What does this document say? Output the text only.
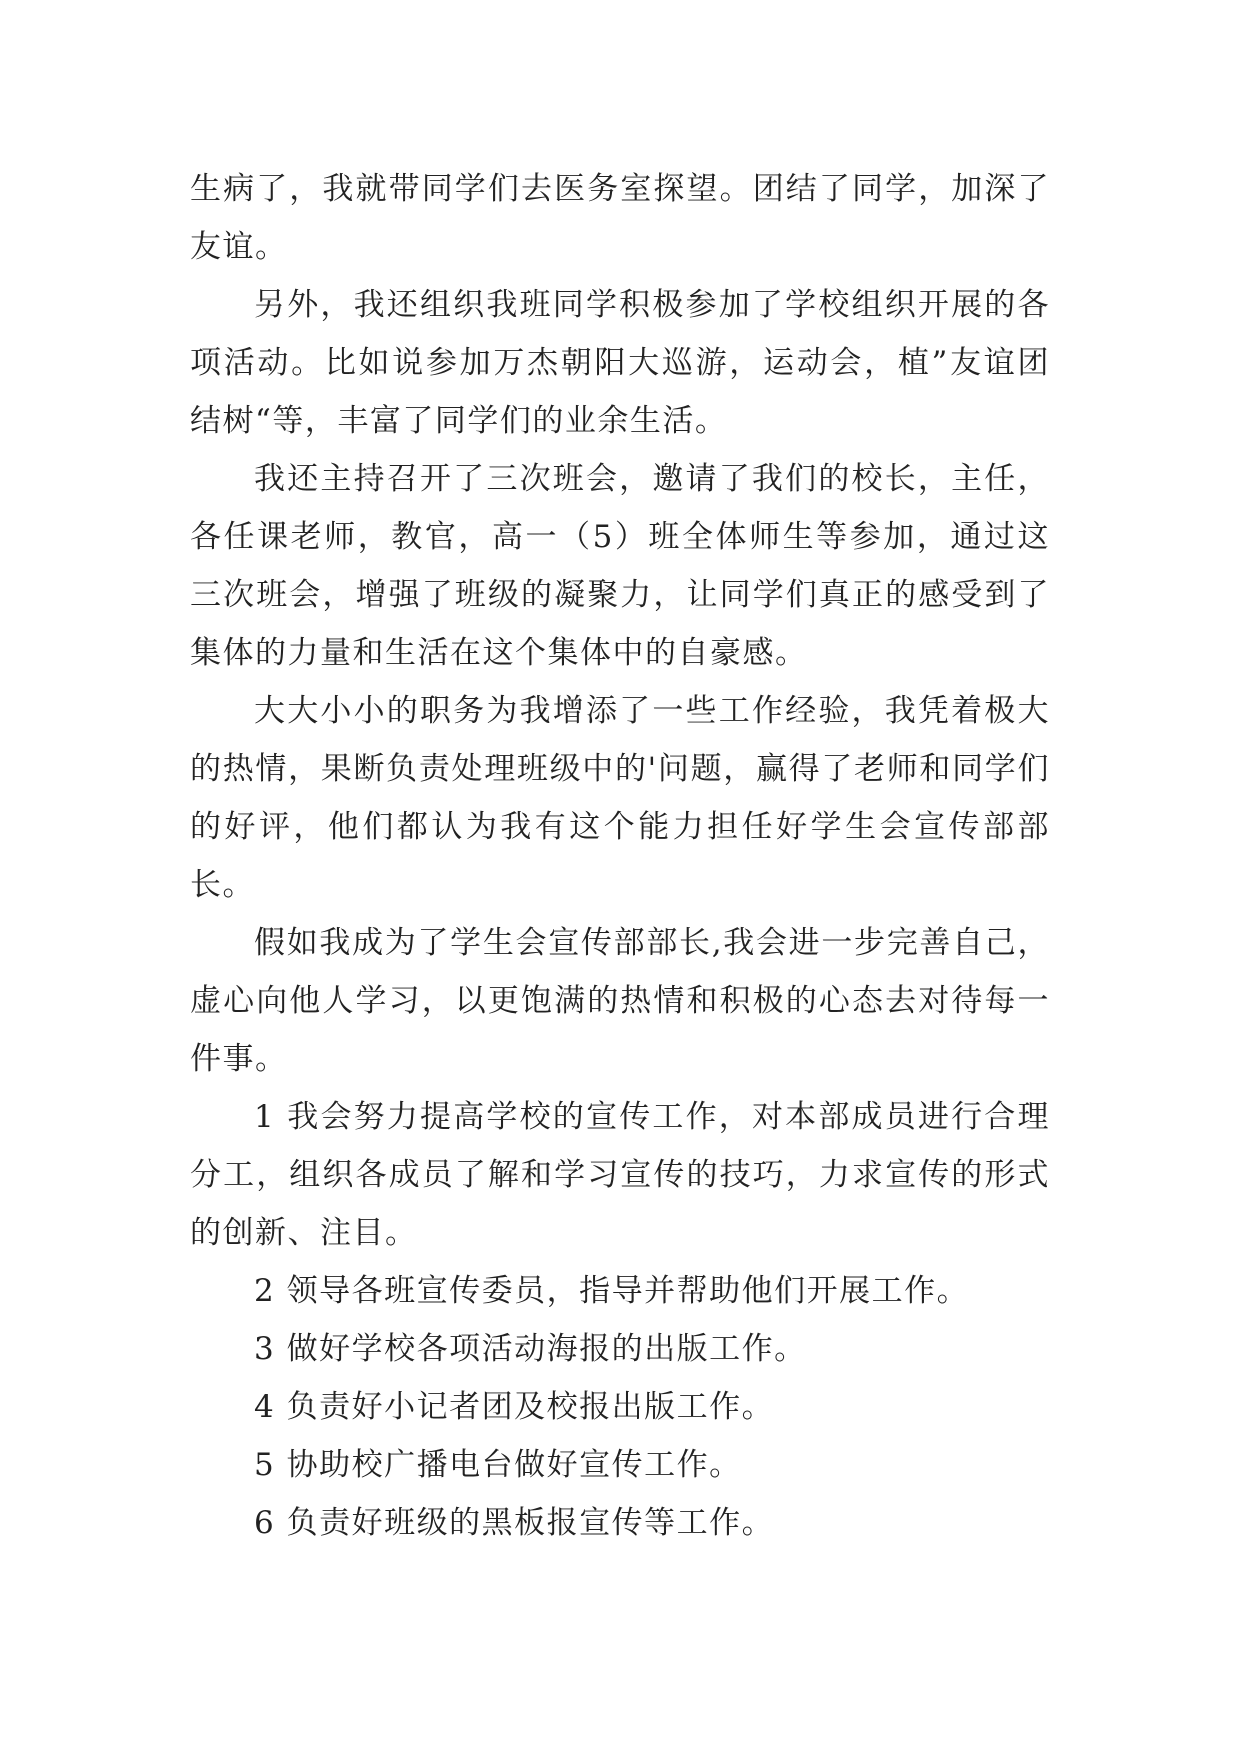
生病了，我就带同学们去医务室探望。团结了同学，加深了友谊。

另外，我还组织我班同学积极参加了学校组织开展的各项活动。比如说参加万杰朝阳大巡游，运动会，植”友谊团结树“等，丰富了同学们的业余生活。

我还主持召开了三次班会，邀请了我们的校长，主任，各任课老师，教官，高一（5）班全体师生等参加，通过这三次班会，增强了班级的凝聚力，让同学们真正的感受到了集体的力量和生活在这个集体中的自豪感。

大大小小的职务为我增添了一些工作经验，我凭着极大的热情，果断负责处理班级中的'问题，赢得了老师和同学们的好评，他们都认为我有这个能力担任好学生会宣传部部长。

假如我成为了学生会宣传部部长,我会进一步完善自己，虚心向他人学习，以更饱满的热情和积极的心态去对待每一件事。

1 我会努力提高学校的宣传工作，对本部成员进行合理分工，组织各成员了解和学习宣传的技巧，力求宣传的形式的创新、注目。

2 领导各班宣传委员，指导并帮助他们开展工作。

3 做好学校各项活动海报的出版工作。

4 负责好小记者团及校报出版工作。

5 协助校广播电台做好宣传工作。

6 负责好班级的黑板报宣传等工作。
